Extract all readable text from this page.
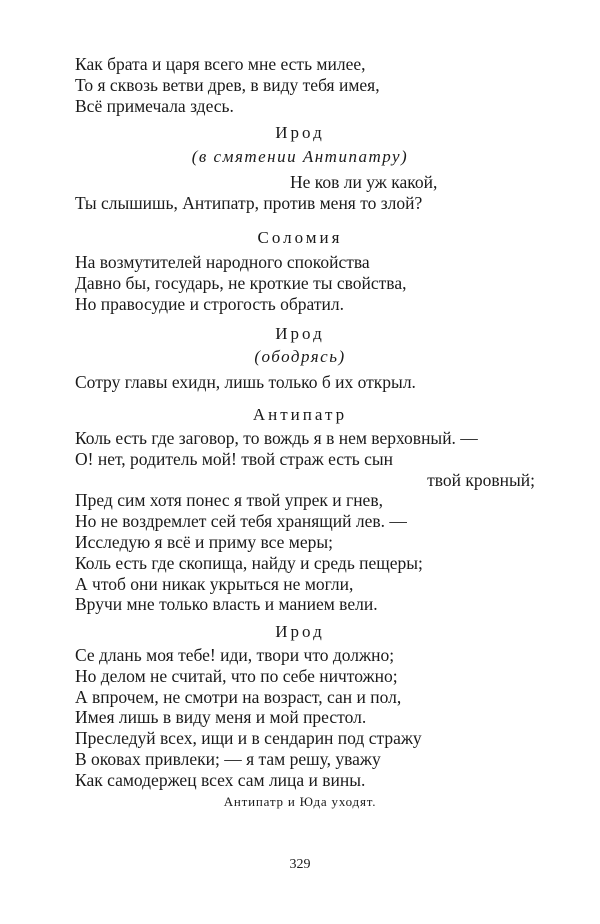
Как брата и царя всего мне есть милее,
То я сквозь ветви древ, в виду тебя имея,
Всё примечала здесь.
Ирод
(в смятении Антипатру)
Не ков ли уж какой,
Ты слышишь, Антипатр, против меня то злой?
Соломия
На возмутителей народного спокойства
Давно бы, государь, не кроткие ты свойства,
Но правосудие и строгость обратил.
Ирод
(ободрясь)
Сотру главы ехидн, лишь только б их открыл.
Антипатр
Коль есть где заговор, то вождь я в нем верховный. —
О! нет, родитель мой! твой страж есть сын
твой кровный;
Пред сим хотя понес я твой упрек и гнев,
Но не воздремлет сей тебя хранящий лев. —
Исследую я всё и приму все меры;
Коль есть где скопища, найду и средь пещеры;
А чтоб они никак укрыться не могли,
Вручи мне только власть и манием вели.
Ирод
Се длань моя тебе! иди, твори что должно;
Но делом не считай, что по себе ничтожно;
А впрочем, не смотри на возраст, сан и пол,
Имея лишь в виду меня и мой престол.
Преследуй всех, ищи и в сендарин под стражу
В оковах привлеки; — я там решу, уважу
Как самодержец всех сам лица и вины.
Антипатр и Юда уходят.
329
